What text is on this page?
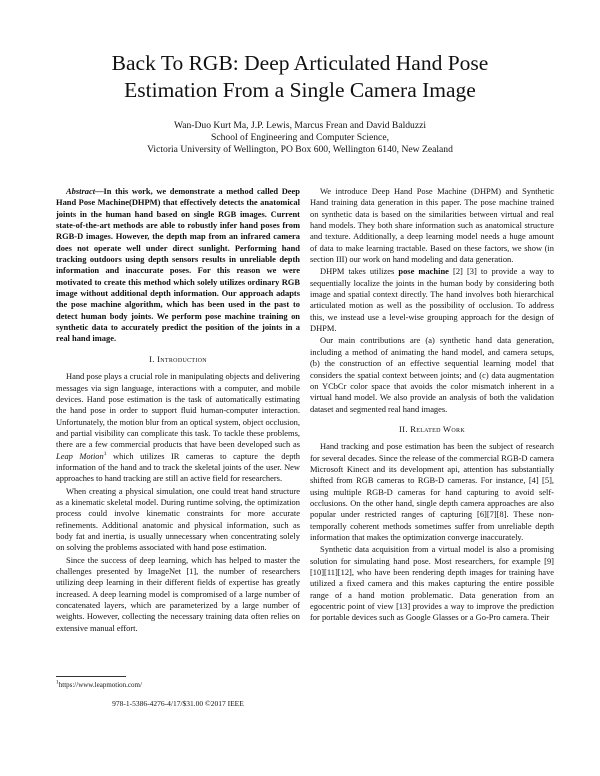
Back To RGB: Deep Articulated Hand Pose
Estimation From a Single Camera Image
Wan-Duo Kurt Ma, J.P. Lewis, Marcus Frean and David Balduzzi
School of Engineering and Computer Science,
Victoria University of Wellington, PO Box 600, Wellington 6140, New Zealand

Abstract—In this work, we demonstrate a method called Deep Hand Pose Machine(DHPM) that effectively detects the anatomical joints in the human hand based on single RGB images. Current state-of-the-art methods are able to robustly infer hand poses from RGB-D images. However, the depth map from an infrared camera does not operate well under direct sunlight. Performing hand tracking outdoors using depth sensors results in unreliable depth information and inaccurate poses. For this reason we were motivated to create this method which solely utilizes ordinary RGB image without additional depth information. Our approach adapts the pose machine algorithm, which has been used in the past to detect human body joints. We perform pose machine training on synthetic data to accurately predict the position of the joints in a real hand image.

I. Introduction

Hand pose plays a crucial role in manipulating objects and delivering messages via sign language, interactions with a computer, and mobile devices. Hand pose estimation is the task of automatically estimating the hand pose in order to support fluid human-computer interaction. Unfortunately, the motion blur from an optical system, object occlusion, and partial visibility can complicate this task. To tackle these problems, there are a few commercial products that have been developed such as Leap Motion$^1$ which utilizes IR cameras to capture the depth information of the hand and to track the skeletal joints of the user. New approaches to hand tracking are still an active field for researchers.

When creating a physical simulation, one could treat hand structure as a kinematic skeletal model. During runtime solving, the optimization process could involve kinematic constraints for more accurate refinements. Additional anatomic and physical information, such as body fat and inertia, is usually unnecessary when concentrating solely on solving the problems associated with hand pose estimation.

Since the success of deep learning, which has helped to master the challenges presented by ImageNet [1], the number of researchers utilizing deep learning in their different fields of expertise has greatly increased. A deep learning model is compromised of a large number of concatenated layers, which are parameterized by a large number of weights. However, collecting the necessary training data often relies on extensive manual effort.

$^1$https://www.leapmotion.com/
978-1-5386-4276-4/17/$31.00 ©2017 IEEE

We introduce Deep Hand Pose Machine (DHPM) and Synthetic Hand training data generation in this paper. The pose machine trained on synthetic data is based on the similarities between virtual and real hand models. They both share information such as anatomical structure and texture. Additionally, a deep learning model needs a huge amount of data to make learning tractable. Based on these factors, we show (in section III) our work on hand modeling and data generation.

DHPM takes utilizes pose machine [2] [3] to provide a way to sequentially localize the joints in the human body by considering both image and spatial context directly. The hand involves both hierarchical articulated motion as well as the possibility of occlusion. To address this, we instead use a level-wise grouping approach for the design of DHPM.

Our main contributions are (a) synthetic hand data generation, including a method of animating the hand model, and camera setups, (b) the construction of an effective sequential learning model that considers the spatial context between joints; and (c) data augmentation on YCbCr color space that avoids the color mismatch inherent in a virtual hand model. We also provide an analysis of both the validation dataset and segmented real hand images.

II. Related Work

Hand tracking and pose estimation has been the subject of research for several decades. Since the release of the commercial RGB-D camera Microsoft Kinect and its development api, attention has substantially shifted from RGB cameras to RGB-D cameras. For instance, [4] [5], using multiple RGB-D cameras for hand capturing to avoid self-occlusions. On the other hand, single depth camera approaches are also popular under restricted ranges of capturing [6][7][8]. These non-temporally coherent methods sometimes suffer from unreliable depth information that makes the optimization converge inaccurately.

Synthetic data acquisition from a virtual model is also a promising solution for simulating hand pose. Most researchers, for example [9][10][11][12], who have been rendering depth images for training have utilized a fixed camera and this makes capturing the entire possible range of a hand motion problematic. Data generation from an egocentric point of view [13] provides a way to improve the prediction for portable devices such as Google Glasses or a Go-Pro camera. Their
